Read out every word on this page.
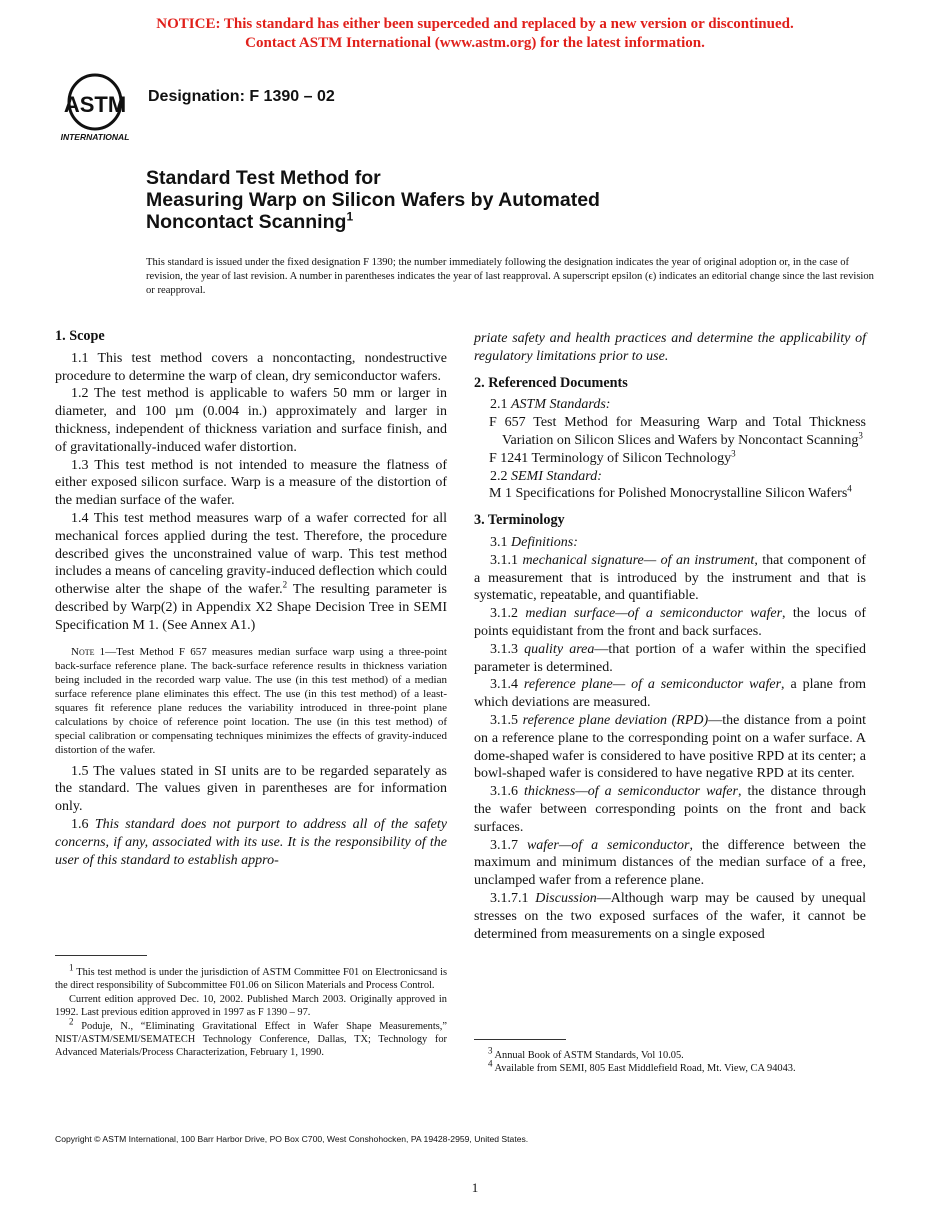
NOTICE: This standard has either been superceded and replaced by a new version or discontinued.
Contact ASTM International (www.astm.org) for the latest information.
ASTM
INTERNATIONAL
Designation: F 1390 – 02
Standard Test Method for
Measuring Warp on Silicon Wafers by Automated
Noncontact Scanning$^1$
This standard is issued under the fixed designation F 1390; the number immediately following the designation indicates the year of original adoption or, in the case of revision, the year of last revision. A number in parentheses indicates the year of last reapproval. A superscript epsilon (ϵ) indicates an editorial change since the last revision or reapproval.
1. Scope

1.1 This test method covers a noncontacting, nondestructive procedure to determine the warp of clean, dry semiconductor wafers.

1.2 The test method is applicable to wafers 50 mm or larger in diameter, and 100 µm (0.004 in.) approximately and larger in thickness, independent of thickness variation and surface finish, and of gravitationally-induced wafer distortion.

1.3 This test method is not intended to measure the flatness of either exposed silicon surface. Warp is a measure of the distortion of the median surface of the wafer.

1.4 This test method measures warp of a wafer corrected for all mechanical forces applied during the test. Therefore, the procedure described gives the unconstrained value of warp. This test method includes a means of canceling gravity-induced deflection which could otherwise alter the shape of the wafer.$^2$ The resulting parameter is described by Warp(2) in Appendix X2 Shape Decision Tree in SEMI Specification M 1. (See Annex A1.)

Note 1—Test Method F 657 measures median surface warp using a three-point back-surface reference plane. The back-surface reference results in thickness variation being included in the recorded warp value. The use (in this test method) of a median surface reference plane eliminates this effect. The use (in this test method) of a least-squares fit reference plane reduces the variability introduced in three-point plane calculations by choice of reference point location. The use (in this test method) of special calibration or compensating techniques minimizes the effects of gravity-induced distortion of the wafer.

1.5 The values stated in SI units are to be regarded separately as the standard. The values given in parentheses are for information only.

1.6 This standard does not purport to address all of the safety concerns, if any, associated with its use. It is the responsibility of the user of this standard to establish appro-

priate safety and health practices and determine the applicability of regulatory limitations prior to use.

2. Referenced Documents

2.1 ASTM Standards:

F 657 Test Method for Measuring Warp and Total Thickness Variation on Silicon Slices and Wafers by Noncontact Scanning$^3$

F 1241 Terminology of Silicon Technology$^3$

2.2 SEMI Standard:

M 1 Specifications for Polished Monocrystalline Silicon Wafers$^4$

3. Terminology

3.1 Definitions:

3.1.1 mechanical signature— of an instrument, that component of a measurement that is introduced by the instrument and that is systematic, repeatable, and quantifiable.

3.1.2 median surface—of a semiconductor wafer, the locus of points equidistant from the front and back surfaces.

3.1.3 quality area—that portion of a wafer within the specified parameter is determined.

3.1.4 reference plane— of a semiconductor wafer, a plane from which deviations are measured.

3.1.5 reference plane deviation (RPD)—the distance from a point on a reference plane to the corresponding point on a wafer surface. A dome-shaped wafer is considered to have positive RPD at its center; a bowl-shaped wafer is considered to have negative RPD at its center.

3.1.6 thickness—of a semiconductor wafer, the distance through the wafer between corresponding points on the front and back surfaces.

3.1.7 wafer—of a semiconductor, the difference between the maximum and minimum distances of the median surface of a free, unclamped wafer from a reference plane.

3.1.7.1 Discussion—Although warp may be caused by unequal stresses on the two exposed surfaces of the wafer, it cannot be determined from measurements on a single exposed

$^1$ This test method is under the jurisdiction of ASTM Committee F01 on Electronicsand is the direct responsibility of Subcommittee F01.06 on Silicon Materials and Process Control.

Current edition approved Dec. 10, 2002. Published March 2003. Originally approved in 1992. Last previous edition approved in 1997 as F 1390 – 97.

$^2$ Poduje, N., “Eliminating Gravitational Effect in Wafer Shape Measurements,” NIST/ASTM/SEMI/SEMATECH Technology Conference, Dallas, TX; Technology for Advanced Materials/Process Characterization, February 1, 1990.	$^3$ Annual Book of ASTM Standards, Vol 10.05.

$^4$ Available from SEMI, 805 East Middlefield Road, Mt. View, CA 94043.

Copyright © ASTM International, 100 Barr Harbor Drive, PO Box C700, West Conshohocken, PA 19428-2959, United States.
1
